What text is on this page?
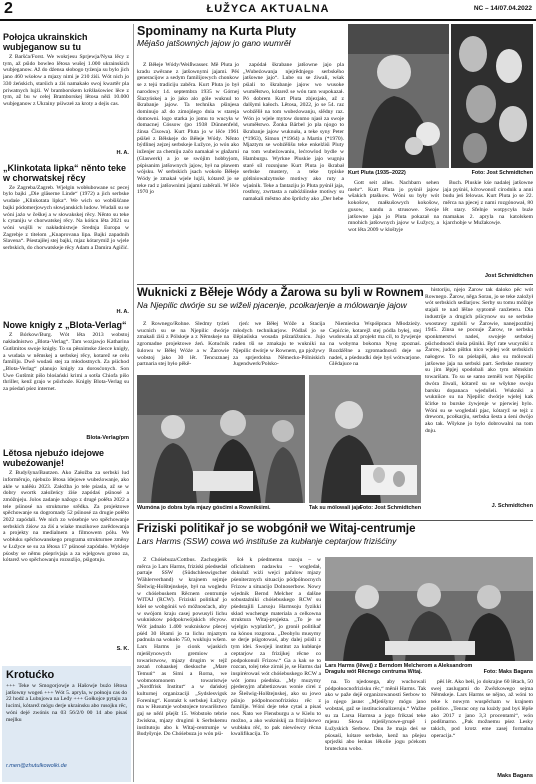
2	ŁUŽYCA AKTUALNA	NC – 14/07.04.2022
Połojca ukrainskich wubjeganow su tu

Z Baršća/Forst. We wokrjesu Sprjewja/Nysa lěcy z tym, až pśido bowleo lětosa wušej 1.000 ukrainskich wubjeganow. Až do dźensa słobogo tyźenja su bylo jich jano 460 wśołow a mjazy nimi je 210 źiśi. Wót nich jo 330 źeńskich, starśich a źiś namakało swoj kwartěr pla priwatnych lujźi. W bramborskem krěźłaśowiec lěce z tym, až bu w celej Bramborskej lětosa něźi 10.000 wubjeganow z Ukrainy pśiwzeł za kroty a dejis cas.

H. A.
„Klinkotata lipka“ něnto teke w chorwatskej rěcy

Ze Zagreba/Zagreb. Wjelgin wobłubowane sc pecej bylo bajki „Die gläserne Linde“ (1972) a jich serbske wudaśe „Klinkotata lipka“. We wich so wobšišćane bajki pódomerjowych słowjanskich ludow. Wudali su se wóni jaźo w češkej a w słowakskej rěcy. Něnto su teke k cytaniju w chorwatskej rěcy. Na kóńcu lěta 2021 su wóni wujšli w nakładnistwje Srednja Europa w Zagrebje z titelom „Knaprovana lipa. Bajki zapadnih Slavena“. Pśestajiłej stej bajki, mjaz kótarymiž jo wjele serbskich, do chorwatskeje rěcy Adam a Damira Agičić.

H. A.
Nowe knigły z „Blota-Verlag“

Z Bórkow/Burg. Wót lěta 2013 wobstoj nakładnistwo „Blota-Verlag“. Tam wozjawjo Katharina Gutšmitos swoje knigły. To su pěsnimske źiecce knigły, a wudaśa w němskej a serbskej rěcy, kotarež se celu familiju. Dwě wudaśi stej za młodostnych. Za pśichod „Blota-Verlag“ planujo knigły za dorosćonych. Son Uwe Gutšmit pišo blośański krimi a sotša Chiofa pišo thriller, kenž grajo w pśichoźe. Knigły Blota-Verlag su za pśedań pśez internet.

Blota-Verlag/pm
Lětosa njebuźo idejowe wubeźowanje!

Z Budyšyna/Bautzen. Ako Załožba za serbski lud informěrujo, njebuźo lětosa idejowe wubeźowanje, ako akle w nalěśu 2023. Załožba jo tele pśasla, až se w dobry swortk załožeńcy źiśe zapódaś pśinosé a zmóžnjeju. Jolos zadanje nažogo z drugé połěta 2022 a tele pśinosé na strukturne srědka. Za projektowe spěchowanje su dogromady 52 pśinosé za drugie połěto 2022 zapódali. We nich zo wósebnje wo spěchowanje serbskich źiśow za źiś a wiake muzikowe zarědowanja a projekty na medialnem a filmowem pólu. We wobłuku spěchowanskego programa strukturnee změny w Łužyce se su za lětosa 17 pśinosé zapódało. Wykleje pśosby se němu pśeprivjaja a za wjelgowu grono za, kótarež wo spěchowanju rozsuźijo, pśigotuju.

S. K.
Krotućko
+++ Teke w Smogorjowje a Hašowje buźo lětosa jatšowny wogeń +++ Wót 5. apryla, w połnoju cas do 22 hodź a Lubnjowa na Leđy +++ Gołkojce pytaju za lucimi, kótarež mógu derje ukrainsku abo rusojku rěc, wóni dejé zwónis na 03 56/2/0 00 14 abo pisaś mejlku
r.men@zhutulkowolki.de
Spominamy na Kurta Pluty
Mějašo jatšowných jajow jo gano wumrěł

Z Běłeje Wódy/Weißwasser. Mě Pluta jo kradu zwěrane z jatšownymi jajami. Pěś generacijow a sedym familijowych chonkow se z tejú tradiciju zaběra. Kurt Pluta jo był narodowy 14. septembra 1935 w Górnej Šlazyńskej a jo jako alo góle wuknul to škrabanje jajow. Ta technika pšinjesa dominujo až do zimojńego dnia w stareja domowni. logo starka jo jomu to wucyła w domacnej Cóssow (po 1938 Dünnenfeld, źinsa Čisowa). Kurt Pluta jo w lěće 1961 pśišeł z Běłskeje do Běłeje Wódy. Něnto býdlinej zejzej serbskeje Łužyce, jo wón ako inženjer za chemiju začo namakał w głažarni (Glaswerk) a jo se swójim hobbyjom, pśpisanim jatšownych jajow, był na pławem wójsku. W serbskich jsach wokoło Běłeje Wódy je zmakał wjele lujźi, kótarež jo se teke rad z jatšownimi jajami zaběrali. W lěće 1970 jo

zapódał škrabane jatšowne jajo pla „Wubeźowanja njejrědnjego serbského jatšowne jajo“. Lube su se źiwali, wśak pśiali to škrabanje jajow wo wusoke wuměłstwo, kótarež se wón tam wupokazał. Pó dobrem Kurt Pluta zbjezjało, až z dalšymi kałoch. Lětosa, 2022, jo se 54. raz wobźělił na tom wubeźowanju, slědny raz. Wón jo wjele mytow donmo njasł za swoje wuměłstwo. Žonka Bärbel jo pla njogo to škrabanje jajow wuknuła, a teke syny Peter (*1963), Simon (*1964) a Martin (*1970). Mjaztym se wobźělišu teke enkelźiśi Pluty na tom wubeźowaniu, lećrowlod bydle w Hamburgu. Wyrkne Pluskie jajo wugnju staré síl rozsnjune Kurt Pluta jo škrabał serbske mustery, a teke typiske gótšniowalzytnske motiwy ako ruty a wjaśnik. Teke a fantaziju jo Pluta pyśnił jaja, rosthny, zwrtasta a nabóźńinske motiwy su namakali městno abo šprůchy ako „Der hebe

Kurt Pluta (1935–2022)	Foto: Jost Schmidtchen

Gott seit alles. Nachbarn sehen mehr“. Kurt Pluta jo pyśnił jajow wšakich ptaškow. Wóni su były wót kokošow, małkušowych kokošow, gusow, nandu a strusowe. Swoje jatšowne jaja jo Pluta pokazał na mnohich jatšownych jajow w Łužycy, a wot lěta 2009 w kloštyje

Buch. Pluskie kśe nadalej jatšowne jaja pyśniś, kčrowonož cirodnik a anni budu jeń felowas. Kurt Pluta jo se 22. měrca na pjecej z nami rozgónował, 80 lět stary. Sfelnje wotpycyła buźe mamakas 2. apryla na katolskem kjarchobje w Mužakowje.

Jost Schmidtchen
Wuknicki z Běłeje Wódy a Žarowa su byli w Rownem
Na Njepilic dwórje su se wiželi pjacenje, pcołkarjenje a mólowanje jajow

Z Rownego/Rohne. Sledmy tyźeń wucnich su se na Njepilic dwórje zmakali źiśi z Pólskeje a z Němskeje na zgromadne projektowe źeń. Kotućnik šulowu w Běłej Wóże a w Žarowie wobstoj jako 30 lět. Tencuznaej partnaria stej było pěkě-

rjeń: we Běłej Wóže a Stacija młodych technikarjow. Pódlaš jo se šlěpiaśiska wosada pśizańžsnicu. Jujo raden tši se zmakaju te wukniki na Njepilic dwórje w Rownem, ga pjožywy za sprjerdolna Německo-Pólniskich Jugendwerk/Polsko-

Niemiecka Współpraca Młodzieży. Cepićcie, kotarejž stej pódla byłej, stej wudowala až projekt ma cil, to žywjenje na wobyma bokoma Nysę zpoznaś. Rozdźělne a zgromadnosći deje se nadeś, a pśedsudki deje byś wótwarjone. Glědajuce na

historiju, njejo Žarow tak daloko pěc wót Rownego. Žarow, něga Sorau, jo se teke založył wót serbskich sedlarjow. Serby su tomu móžnje stajali te nad lěšne syptomě ranžeteru. Dla industrije a drugich pśicynow su se serbske wsostawy zgubili w Žarowie, nanejpozdźej 1945. Zinsa se pocsuje Žarow, te serbska sponkmerstwi nadeś, swojeje serbskej pśichodnosći słuśa pśiniki. Byť rate wucyniki z Žarow, judon pištku nico wjelej wót serbskich nałogow. To su pśelapiłi, ako su mólowali jatšowne jaja na serbski part. Serbske mustery su jim lěpjej spodobali ako tym němskim towarišam. To su se samo zeměli wot Njepilic dwóra žiwali, kótarež su se wšykne swoju barsku dopanaca wjedušeli. Wukniki a wukniice su na Njepilic dwórje wjelej kak šćirke to burske źywjenje w pjerwiej bylo. Wóni su se wogledali pjac, kótaryž se tejż z drewom, pcołkarjiu, serbska šesta a śeni dwójo ako tak. Wšykne jo bylo dobrowalni na tom dnju.

J. Schmidtchen
Wumóna jo dobra byla mjazy gósćimi a Rownikśimi.	Tak su mólowali jaja.
Foto: Jost Schmidtchen
Friziski politikař jo se wobgónił we Witaj-centrumje
Lars Harms (SSW) cowa wó instituśe za kubłanje ceptarjow friziśćiny

Z Chóśebuza/Cottbus. Zachopjeńk měrca jo Lars Harms, friziski pśedsedał partaje SSW (Südschleswigscher Wählerverband) w krajnem sejmje Šlešwig-Holštejnskeje, był na wogledu w chóśebuskem Rěcnem centrumje WITAJ (RCW). Friziski politikař jo kšeł se wobgóniś wó móžnosćach, aby w swójom kraju casej powusyli lichu wukniskow pódpokrwójskich rěcyow. Wót jadnalo 1.400 wukniskow pšecej pśéd 30 lětami jo ta lichu mjaztym padnula na wokoło 750, wukluju wšem. Lars Harms jo cionk wjaskich mjeńšynowych gremiow a towaristwow, mjazy drugim w tejž zezań rohaaskej dieskuche „Mare Temuń“ as Simi a Rorna, we wobmotomonem towaristwje „Nordfrisk Institut“ a w dańskej kulturnej organizaciji „Sydslesvigsk Forening“. Kontakt k serbskej Łužycy ma w Husumje wobstojece towarišstwo gaj se něńl pšejšt 15. Wobstoło tebrie žwiskna, mjazy drugimi k Serbskemu institutoju abo k Witaj-centrumje w Budyšynje. Do Chóśebuza jo wón pśi-

šoł k pśedmemu razoju – w oficialnem nadawku – wogledał, dokulaž wiźi wejci pařalow mjazy pśeniterznych situacijo pódpólnocnych Frizow a situacijo Dolnoserbow. Nowy wjednik Bernd Melcher a dalšne sobustaźniki chóśebuskego RCW su pśedstajili Larsoju Harmsoju fyzikki skład wuchenge materiala a celkowna struktura Witaj-projekta. „To je se wjelgin wyplatilo“, jo gronił politikař na kónou rozgrona. „Deobylu musymy se derje pśigotowaś, aby dalej pśiśli z tym idei. Swojeji institut za kubłanje ceptarjow za frizijkej rěcne co podpokonuli Frizow.“ Ga a kak se to rozcan, tolej teke zirniś je, se Harms dał inspirérowaś wót chóśebuskego RCW a wót jomu pśednka. „My muzymy pjedenyjm afabetizowas wonie cirei z ze Šlešwig-Holštejnskej, ako su jowo pśinjo pódpolnocnofrizisku rěc z familije. Wóni deje teke cytaś a pisaś nos. Ňato we Flensburgu a w Kielu to možno, a ako wukniskij za frizijskowo wubłaku rěć, to pak niewówcy rěcna kwalifikacija. To

Lars Harms (lěwej) z Berndom Melcherom a Aleksandrom Dragulu wót Rěcnego centruma Witaj.	Foto: Maks Bagans

na. To njedosega, aby wuchowali pódpołnocnofrizisku rěc,“ měnił Harms. Tak ako w paže dejě organizowanosti Serbow to jo njego jasne: „Mjeńšyny mógu jano wobstaś, gaž se institucionalizeruju.“ Wažne su za Larsa Harmsa a jogo frikzaś teke mjenu Słowa mjeńšynowe-grupě i Łužyskich Serbow. Dnu že maja deś se pśosaśi, kótare serbske, kenž na pšejsu sprjeźki abo łenkas lěkolie jogu pćekom brutecknu wobo.

pěś lět. Ako bełí, jo dokrajne 60 lětach, 50 swej zaslugami do Zwězkowego sejma Němskeje. Lars Harms se nějno, až wóni to teke k nowym wuspěcham w krajnem politice. „Tenrac ony na kużdy pad byś lěpše ako 2017 z jano 3,3 procentami“, wón podšmarno. „Pak možnemu pśez Lesky takich, pod krotz eme zasej formalna operacija.“

Maks Bagans
